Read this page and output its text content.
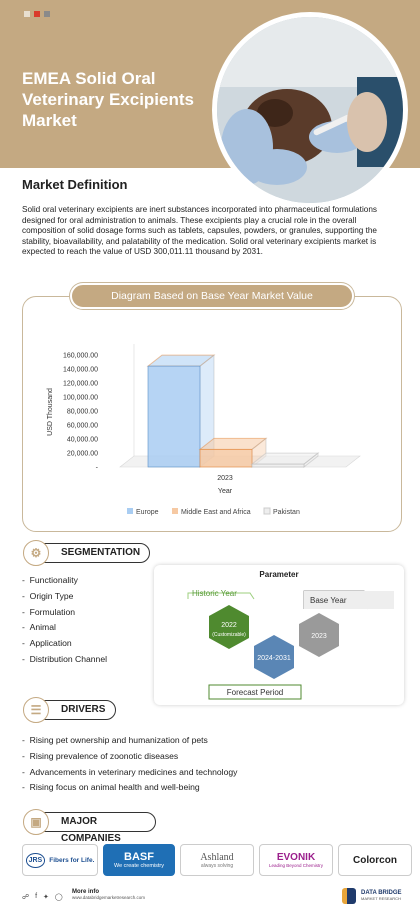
EMEA Solid Oral
Veterinary Excipients
Market
Market Definition
Solid oral veterinary excipients are inert substances incorporated into pharmaceutical formulations designed for oral administration to animals. These excipients play a crucial role in the overall composition of solid dosage forms such as tablets, capsules, powders, or granules, supporting the stability, bioavailability, and palatability of the medication. Solid oral veterinary excipients market is expected to reach the value of USD 300,011.11 thousand by 2031.
Diagram Based on Base Year Market Value
USD Thousand
160,000.00
140,000.00
120,000.00
100,000.00
80,000.00
60,000.00
40,000.00
20,000.00
-
2023
Year
Europe	Middle East and Africa	Pakistan
⚙	SEGMENTATION
-  Functionality
-  Origin Type
-  Formulation
-  Animal
-  Application
-  Distribution Channel
Parameter
Historic Year
2022
(Customizable)
2024-2031
2023
Base Year
Forecast Period
☰	DRIVERS
-  Rising pet ownership and humanization of pets
-  Rising prevalence of zoonotic diseases
-  Advancements in veterinary medicines and technology
-  Rising focus on animal health and well-being
▣	MAJOR COMPANIES
JRS	Fibers for Life.	BASF
We create chemistry
Ashland
always solving
EVONIK
Leading Beyond Chemistry	Colorcon
☍ f ✦ ◯
More info
www.databridgemarketresearch.com
DATA BRIDGE
MARKET RESEARCH
